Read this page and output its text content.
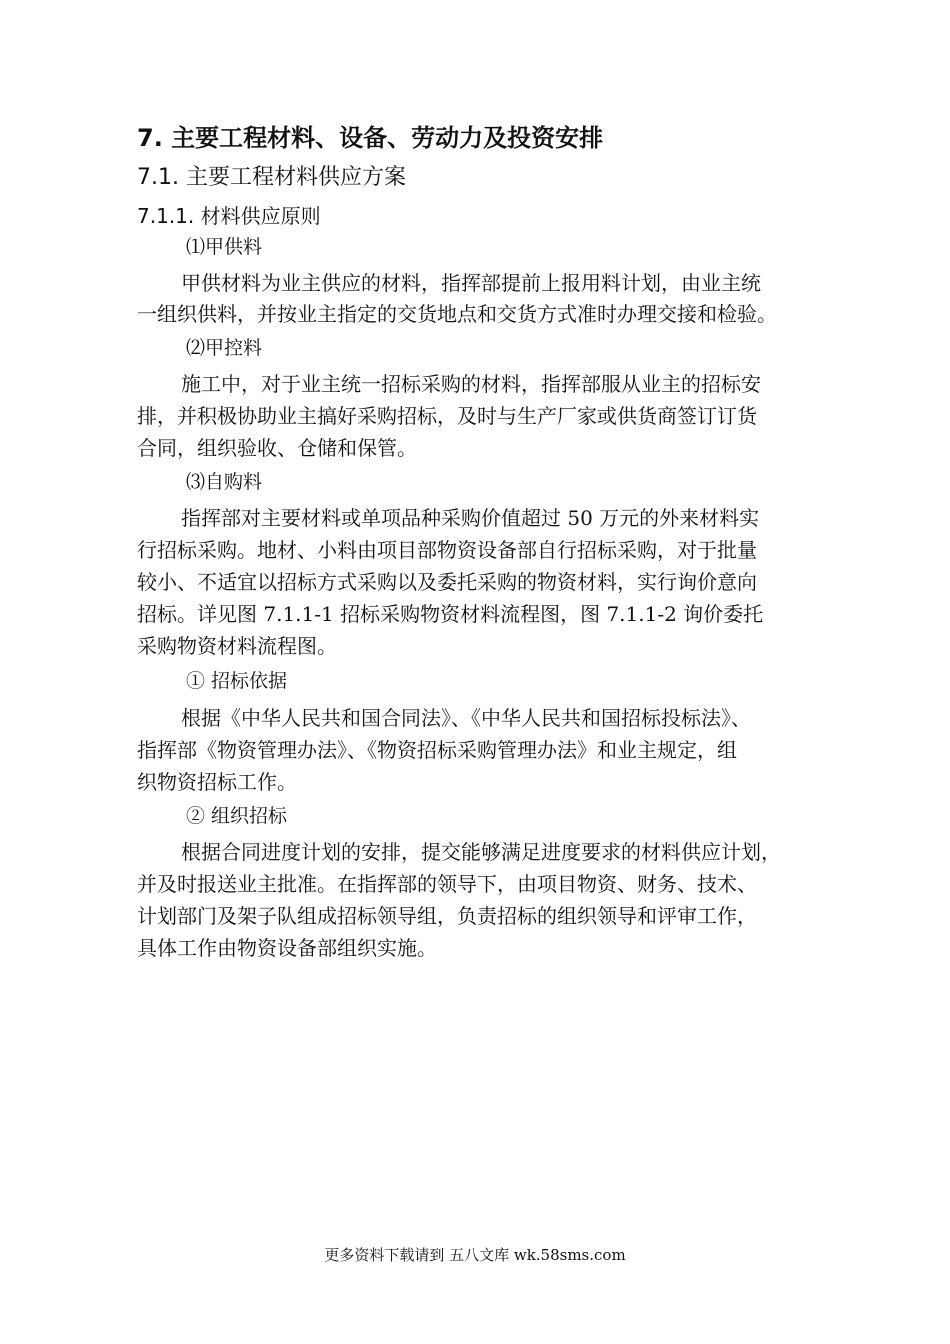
7. 主要工程材料、设备、劳动力及投资安排
7.1. 主要工程材料供应方案
7.1.1. 材料供应原则
⑴甲供料
甲供材料为业主供应的材料，指挥部提前上报用料计划，由业主统
一组织供料，并按业主指定的交货地点和交货方式准时办理交接和检验。
⑵甲控料
施工中，对于业主统一招标采购的材料，指挥部服从业主的招标安
排，并积极协助业主搞好采购招标，及时与生产厂家或供货商签订订货
合同，组织验收、仓储和保管。
⑶自购料
指挥部对主要材料或单项品种采购价值超过 50 万元的外来材料实
行招标采购。地材、小料由项目部物资设备部自行招标采购，对于批量
较小、不适宜以招标方式采购以及委托采购的物资材料，实行询价意向
招标。详见图 7.1.1-1 招标采购物资材料流程图，图 7.1.1-2 询价委托
采购物资材料流程图。
① 招标依据
根据《中华人民共和国合同法》、《中华人民共和国招标投标法》、
指挥部《物资管理办法》、《物资招标采购管理办法》和业主规定，组
织物资招标工作。
② 组织招标
根据合同进度计划的安排，提交能够满足进度要求的材料供应计划，
并及时报送业主批准。在指挥部的领导下，由项目物资、财务、技术、
计划部门及架子队组成招标领导组，负责招标的组织领导和评审工作，
具体工作由物资设备部组织实施。
更多资料下载请到 五八文库 wk.58sms.com
